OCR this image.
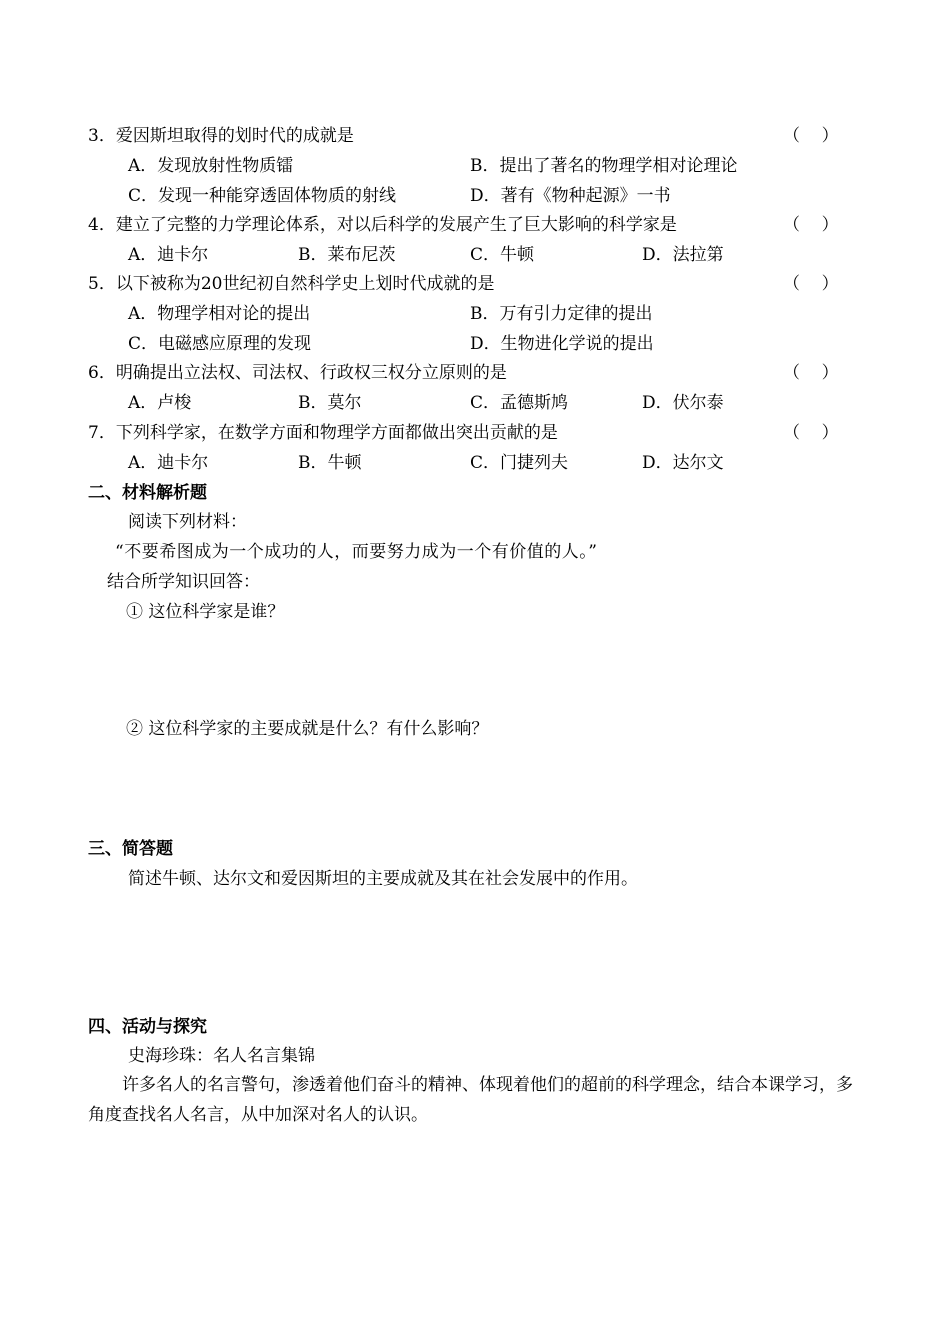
3．爱因斯坦取得的划时代的成就是	（    ）
A．发现放射性物质镭	B．提出了著名的物理学相对论理论
C．发现一种能穿透固体物质的射线	D．著有《物种起源》一书
4．建立了完整的力学理论体系，对以后科学的发展产生了巨大影响的科学家是	（    ）
A．迪卡尔	B．莱布尼茨	C．牛顿	D．法拉第
5．以下被称为20世纪初自然科学史上划时代成就的是	（    ）
A．物理学相对论的提出	B．万有引力定律的提出
C．电磁感应原理的发现	D．生物进化学说的提出
6．明确提出立法权、司法权、行政权三权分立原则的是	（    ）
A．卢梭	B．莫尔	C．孟德斯鸠	D．伏尔泰
7．下列科学家，在数学方面和物理学方面都做出突出贡献的是	（    ）
A．迪卡尔	B．牛顿	C．门捷列夫	D．达尔文
二、材料解析题
阅读下列材料：
“不要希图成为一个成功的人，而要努力成为一个有价值的人。”
结合所学知识回答：
① 这位科学家是谁？
② 这位科学家的主要成就是什么？有什么影响？
三、简答题
简述牛顿、达尔文和爱因斯坦的主要成就及其在社会发展中的作用。
四、活动与探究
史海珍珠：名人名言集锦
许多名人的名言警句，渗透着他们奋斗的精神、体现着他们的超前的科学理念，结合本课学习，多角度查找名人名言，从中加深对名人的认识。
